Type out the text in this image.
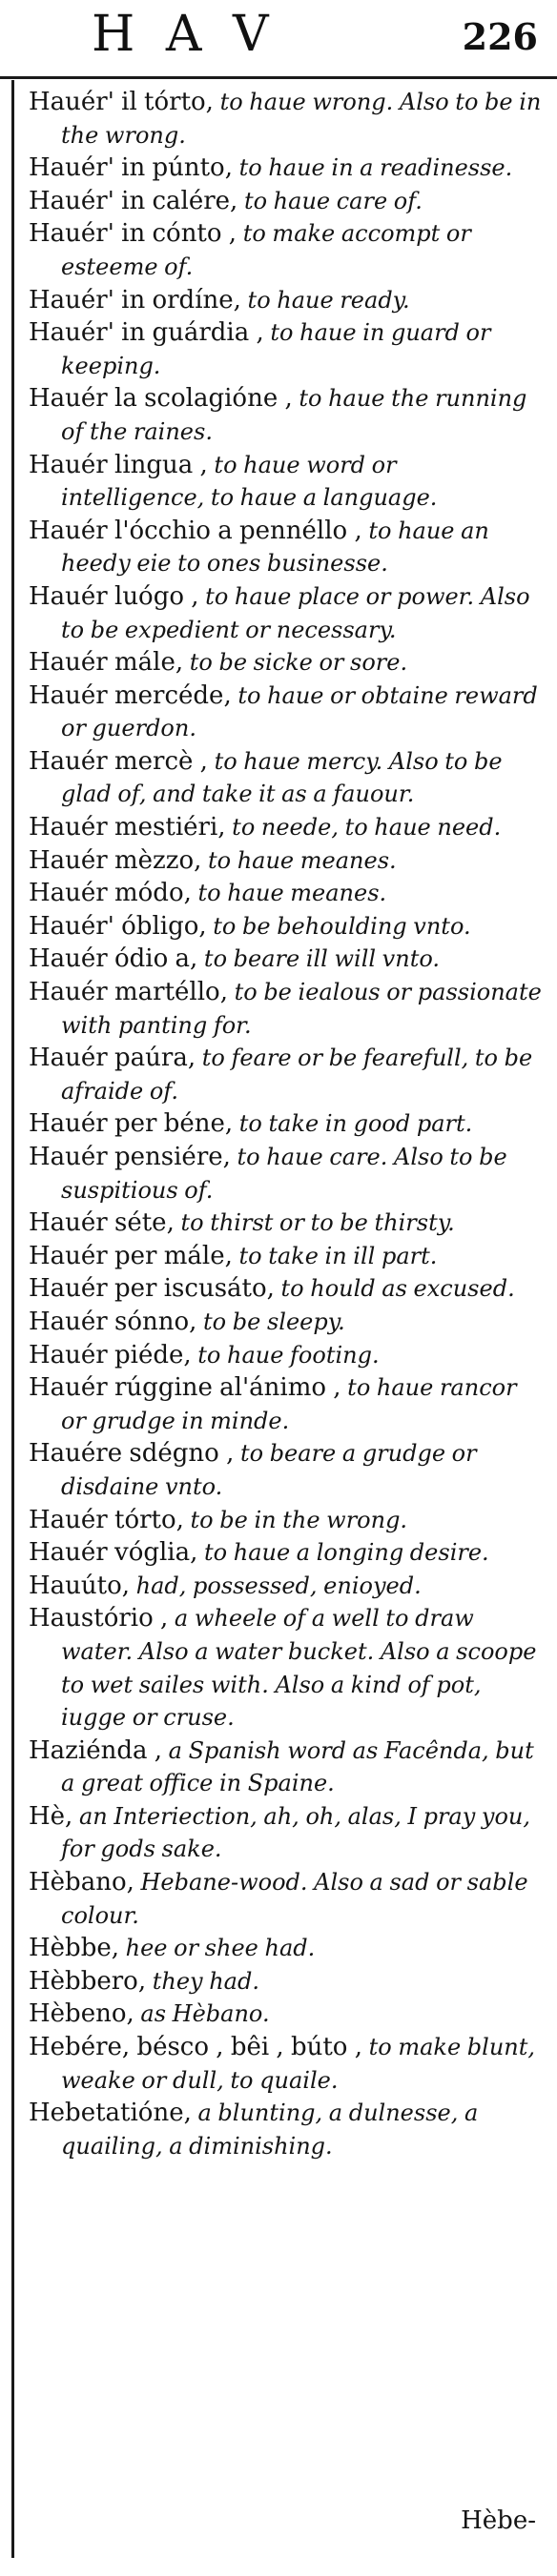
H A V	226
Hauér' il tórto, to haue wrong. Also to be in the wrong.
Hauér' in púnto, to haue in a readinesse.
Hauér' in calére, to haue care of.
Hauér' in cónto , to make accompt or esteeme of.
Hauér' in ordíne, to haue ready.
Hauér' in guárdia , to haue in guard or keeping.
Hauér la scolagióne , to haue the running of the raines.
Hauér lingua , to haue word or intelligence, to haue a language.
Hauér l'ócchio a pennéllo , to haue an heedy eie to ones businesse.
Hauér luógo , to haue place or power. Also to be expedient or necessary.
Hauér mále, to be sicke or sore.
Hauér mercéde, to haue or obtaine reward or guerdon.
Hauér mercè , to haue mercy. Also to be glad of, and take it as a fauour.
Hauér mestiéri, to neede, to haue need.
Hauér mèzzo, to haue meanes.
Hauér módo, to haue meanes.
Hauér' óbligo, to be behoulding vnto.
Hauér ódio a, to beare ill will vnto.
Hauér martéllo, to be iealous or passionate with panting for.
Hauér paúra, to feare or be fearefull, to be afraide of.
Hauér per béne, to take in good part.
Hauér pensiére, to haue care. Also to be suspitious of.
Hauér séte, to thirst or to be thirsty.
Hauér per mále, to take in ill part.
Hauér per iscusáto, to hould as excused.
Hauér sónno, to be sleepy.
Hauér piéde, to haue footing.
Hauér rúggine al'ánimo , to haue rancor or grudge in minde.
Hauére sdégno , to beare a grudge or disdaine vnto.
Hauér tórto, to be in the wrong.
Hauér vóglia, to haue a longing desire.
Hauúto, had, possessed, enioyed.
Haustório , a wheele of a well to draw water. Also a water bucket. Also a scoope to wet sailes with. Also a kind of pot, iugge or cruse.
Haziénda , a Spanish word as Facênda, but a great office in Spaine.
Hè, an Interiection, ah, oh, alas, I pray you, for gods sake.
Hèbano, Hebane-wood. Also a sad or sable colour.
Hèbbe, hee or shee had.
Hèbbero, they had.
Hèbeno, as Hèbano.
Hebére, bésco , bêi , búto , to make blunt, weake or dull, to quaile.
Hebetatióne, a blunting, a dulnesse, a quailing, a diminishing.
Hèbe-
